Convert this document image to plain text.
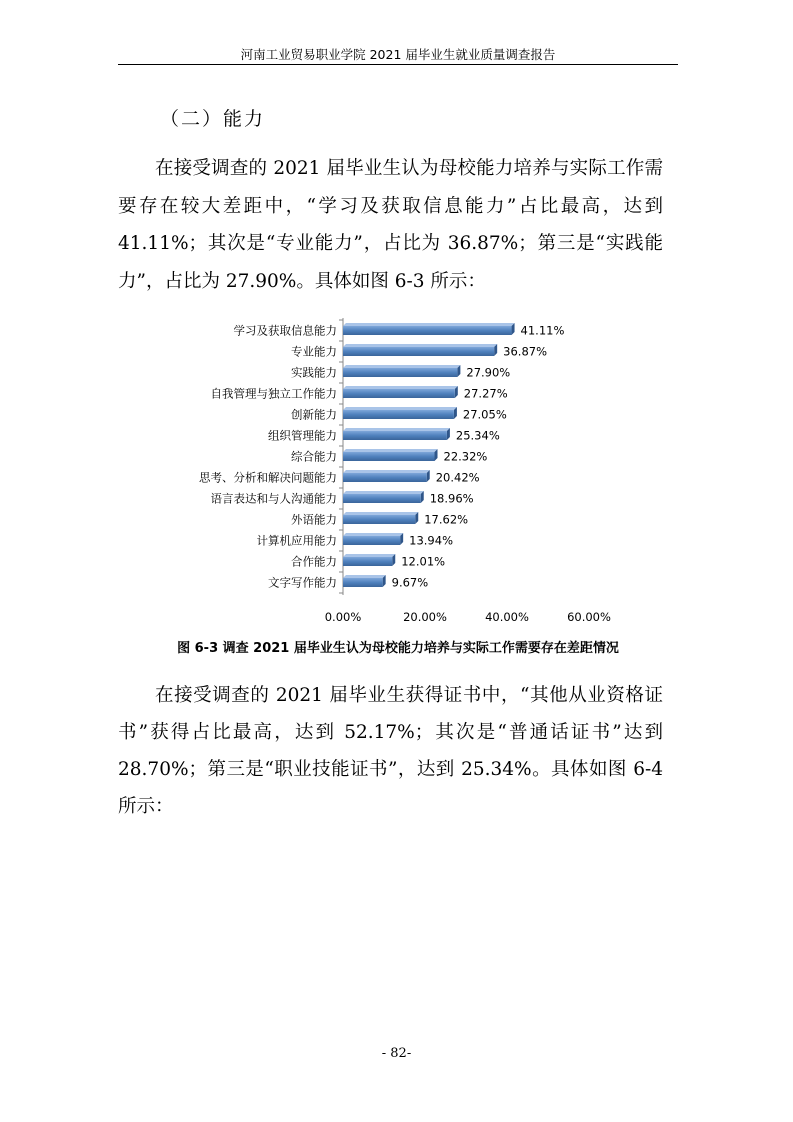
河南工业贸易职业学院 2021 届毕业生就业质量调查报告
（二）能力

在接受调查的 2021 届毕业生认为母校能力培养与实际工作需要存在较大差距中，“学习及获取信息能力”占比最高，达到 41.11%；其次是“专业能力”，占比为 36.87%；第三是“实践能力”，占比为 27.90%。具体如图 6-3 所示：

学习及获取信息能力	41.11%
专业能力	36.87%
实践能力	27.90%
自我管理与独立工作能力	27.27%
创新能力	27.05%
组织管理能力	25.34%
综合能力	22.32%
思考、分析和解决问题能力	20.42%
语言表达和与人沟通能力	18.96%
外语能力	17.62%
计算机应用能力	13.94%
合作能力	12.01%
文字写作能力	9.67%
0.00%	20.00%	40.00%	60.00%
图 6-3 调查 2021 届毕业生认为母校能力培养与实际工作需要存在差距情况

在接受调查的 2021 届毕业生获得证书中，“其他从业资格证书”获得占比最高，达到 52.17%；其次是“普通话证书”达到 28.70%；第三是“职业技能证书”，达到 25.34%。具体如图 6-4 所示：

- 82-
